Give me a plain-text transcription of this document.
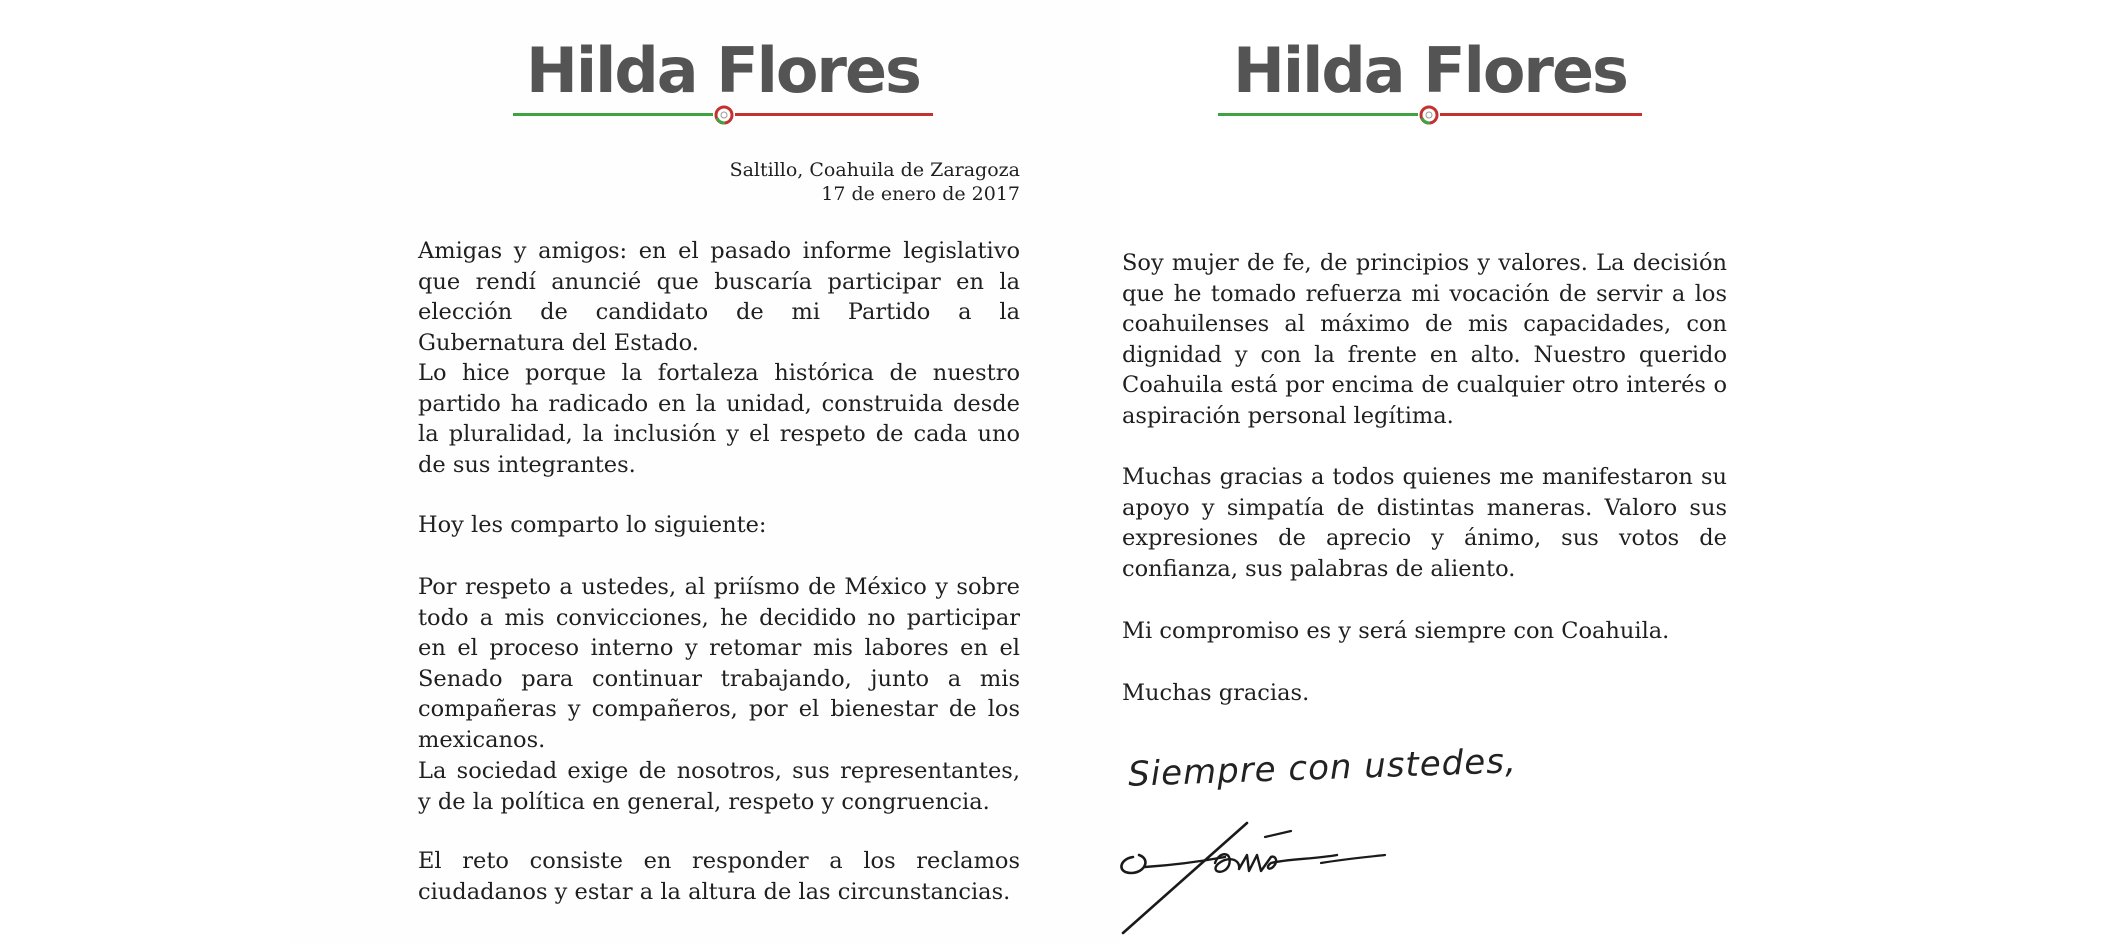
Hilda Flores	Hilda Flores
Saltillo, Coahuila de Zaragoza
17 de enero de 2017
Amigas y amigos: en el pasado informe legislativo que rendí anuncié que buscaría participar en la elección de candidato de mi Partido a la Gubernatura del Estado.
Lo hice porque la fortaleza histórica de nuestro partido ha radicado en la unidad, construida desde la pluralidad, la inclusión y el respeto de cada uno de sus integrantes.
Hoy les comparto lo siguiente:
Por respeto a ustedes, al priísmo de México y sobre todo a mis convicciones, he decidido no participar en el proceso interno y retomar mis labores en el Senado para continuar trabajando, junto a mis compañeras y compañeros, por el bienestar de los mexicanos.
La sociedad exige de nosotros, sus representantes, y de la política en general, respeto y congruencia.
El reto consiste en responder a los reclamos ciudadanos y estar a la altura de las circunstancias.
Soy mujer de fe, de principios y valores. La decisión que he tomado refuerza mi vocación de servir a los coahuilenses al máximo de mis capacidades, con dignidad y con la frente en alto. Nuestro querido Coahuila está por encima de cualquier otro interés o aspiración personal legítima.
Muchas gracias a todos quienes me manifestaron su apoyo y simpatía de distintas maneras. Valoro sus expresiones de aprecio y ánimo, sus votos de confianza, sus palabras de aliento.
Mi compromiso es y será siempre con Coahuila.
Muchas gracias.
Siempre con ustedes,
